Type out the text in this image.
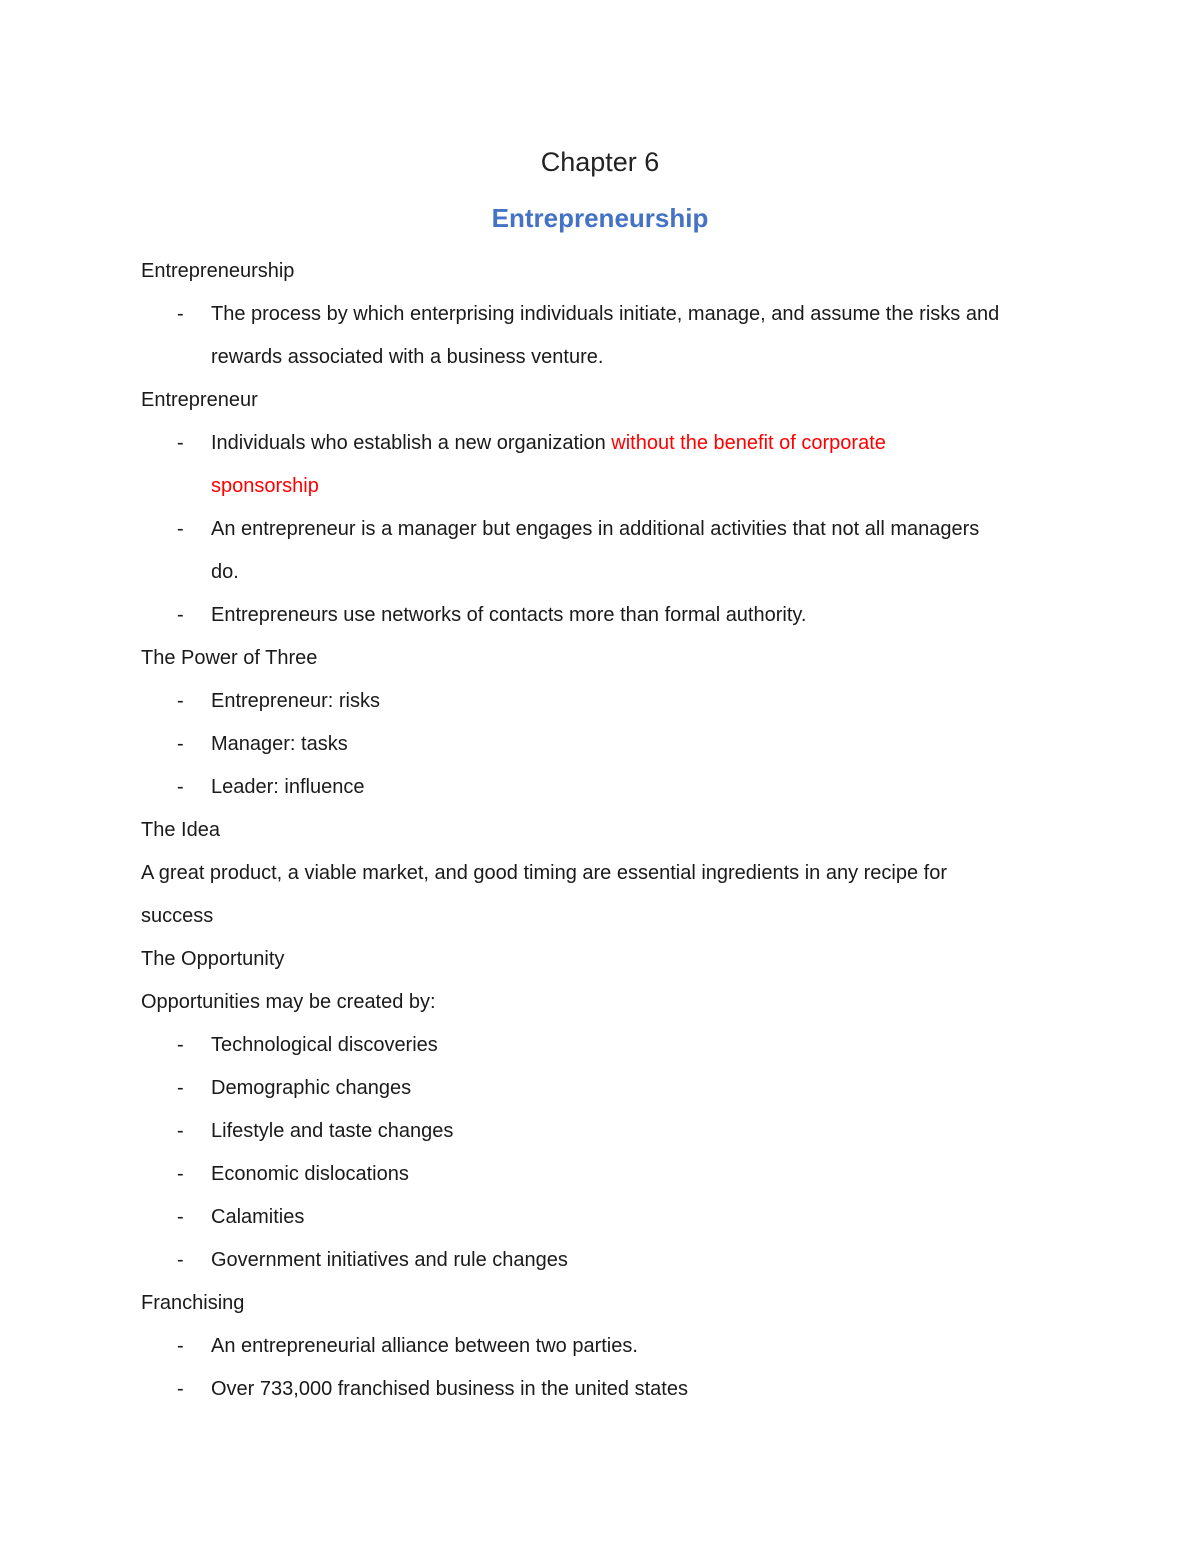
Chapter 6
Entrepreneurship
Entrepreneurship
- The process by which enterprising individuals initiate, manage, and assume the risks and
rewards associated with a business venture.
Entrepreneur
- Individuals who establish a new organization without the benefit of corporate
sponsorship
- An entrepreneur is a manager but engages in additional activities that not all managers
do.
- Entrepreneurs use networks of contacts more than formal authority.
The Power of Three
- Entrepreneur: risks
- Manager: tasks
- Leader: influence
The Idea
A great product, a viable market, and good timing are essential ingredients in any recipe for
success
The Opportunity
Opportunities may be created by:
- Technological discoveries
- Demographic changes
- Lifestyle and taste changes
- Economic dislocations
- Calamities
- Government initiatives and rule changes
Franchising
- An entrepreneurial alliance between two parties.
- Over 733,000 franchised business in the united states
